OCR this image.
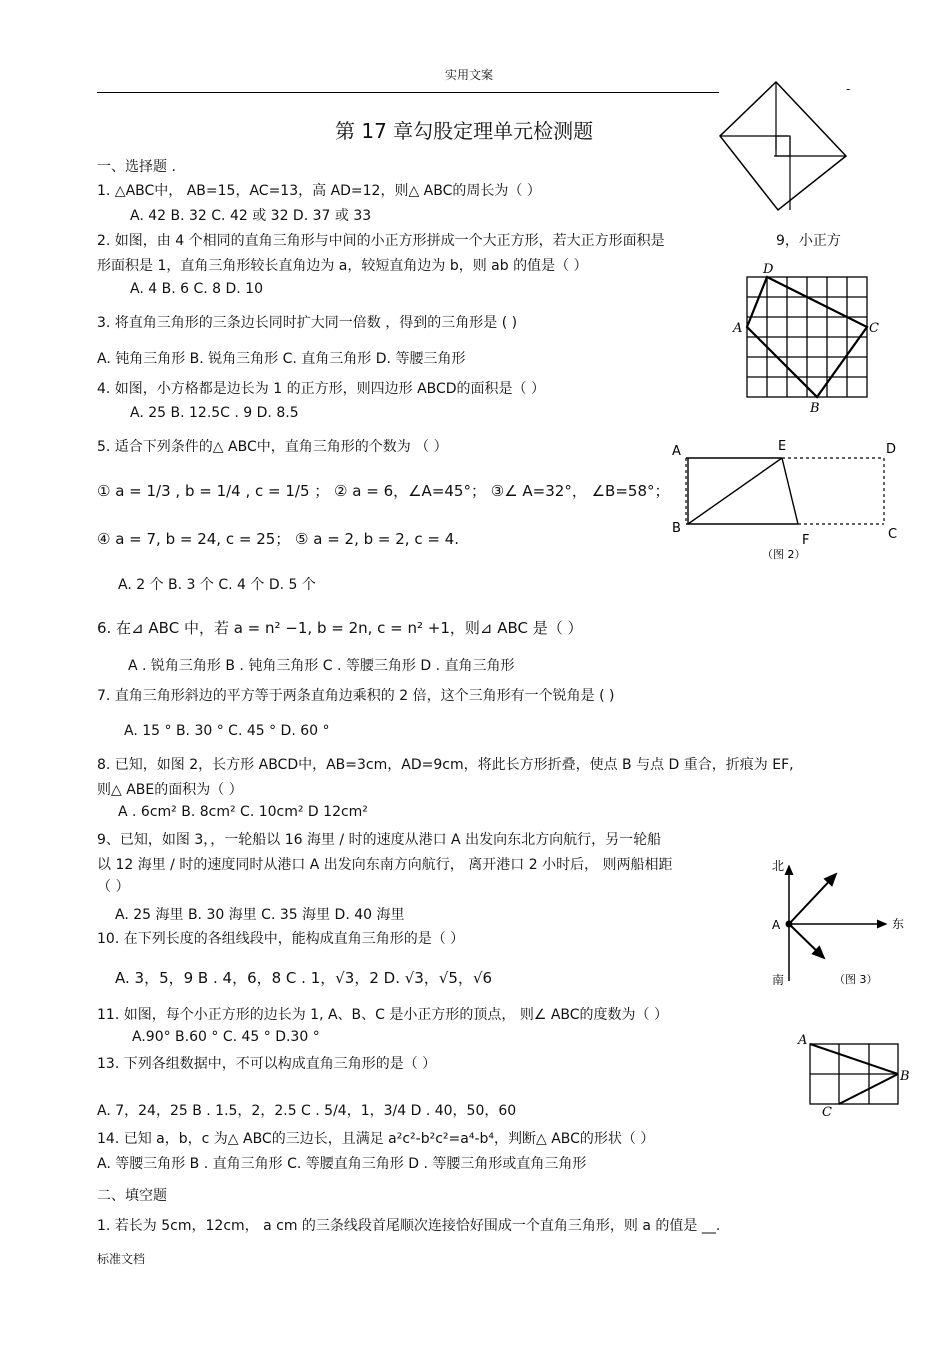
实用文案
-
第 17 章勾股定理单元检测题
一、选择题 .
1. △ABC中， AB=15，AC=13，高 AD=12，则△ ABC的周长为（ ）
A. 42 B. 32 C. 42 或 32 D. 37 或 33
2. 如图，由 4 个相同的直角三角形与中间的小正方形拼成一个大正方形，若大正方形面积是	9，小正方
形面积是 1，直角三角形较长直角边为 a，较短直角边为 b，则 ab 的值是（ ）
A. 4 B. 6 C. 8 D. 10
3. 将直角三角形的三条边长同时扩大同一倍数 ，得到的三角形是 ( )
A. 钝角三角形 B. 锐角三角形 C. 直角三角形 D. 等腰三角形
4. 如图，小方格都是边长为 1 的正方形，则四边形 ABCD的面积是（ ）
A. 25 B. 12.5C . 9 D. 8.5
5. 适合下列条件的△ ABC中，直角三角形的个数为 （ ）
① a = 1/3 , b = 1/4 , c = 1/5 ； ② a = 6，∠A=45°； ③∠ A=32°， ∠B=58°；
④ a = 7, b = 24, c = 25； ⑤ a = 2, b = 2, c = 4.
A. 2 个 B. 3 个 C. 4 个 D. 5 个
6. 在⊿ ABC 中，若 a = n² −1, b = 2n, c = n² +1，则⊿ ABC 是（ ）
A . 锐角三角形 B . 钝角三角形 C . 等腰三角形 D . 直角三角形
7. 直角三角形斜边的平方等于两条直角边乘积的 2 倍，这个三角形有一个锐角是 ( )
A. 15 ° B. 30 ° C. 45 ° D. 60 °
8. 已知，如图 2，长方形 ABCD中，AB=3cm，AD=9cm，将此长方形折叠，使点 B 与点 D 重合，折痕为 EF,
则△ ABE的面积为（ ）
A . 6cm² B. 8cm² C. 10cm² D 12cm²
9、已知，如图 3，，一轮船以 16 海里 / 时的速度从港口 A 出发向东北方向航行，另一轮船
以 12 海里 / 时的速度同时从港口 A 出发向东南方向航行， 离开港口 2 小时后， 则两船相距
（ ）
A. 25 海里 B. 30 海里 C. 35 海里 D. 40 海里
10. 在下列长度的各组线段中，能构成直角三角形的是（ ）
A. 3，5，9 B . 4，6，8 C . 1，√3，2 D. √3，√5，√6
11. 如图，每个小正方形的边长为 1, A、B、C 是小正方形的顶点， 则∠ ABC的度数为（ ）
A.90° B.60 ° C. 45 ° D.30 °
13. 下列各组数据中，不可以构成直角三角形的是（ ）
A. 7，24，25 B . 1.5，2，2.5 C . 5/4，1，3/4 D . 40，50，60
14. 已知 a，b，c 为△ ABC的三边长，且满足 a²c²-b²c²=a⁴-b⁴，判断△ ABC的形状（ ）
A. 等腰三角形 B . 直角三角形 C. 等腰直角三角形 D . 等腰三角形或直角三角形
二、填空题
1. 若长为 5cm，12cm， a cm 的三条线段首尾顺次连接恰好围成一个直角三角形，则 a 的值是 __.
标准文档
D
A	C
B
A	E	D
B
F	C
（图 2）
北
东
南
A
（图 3）
A
B
C
